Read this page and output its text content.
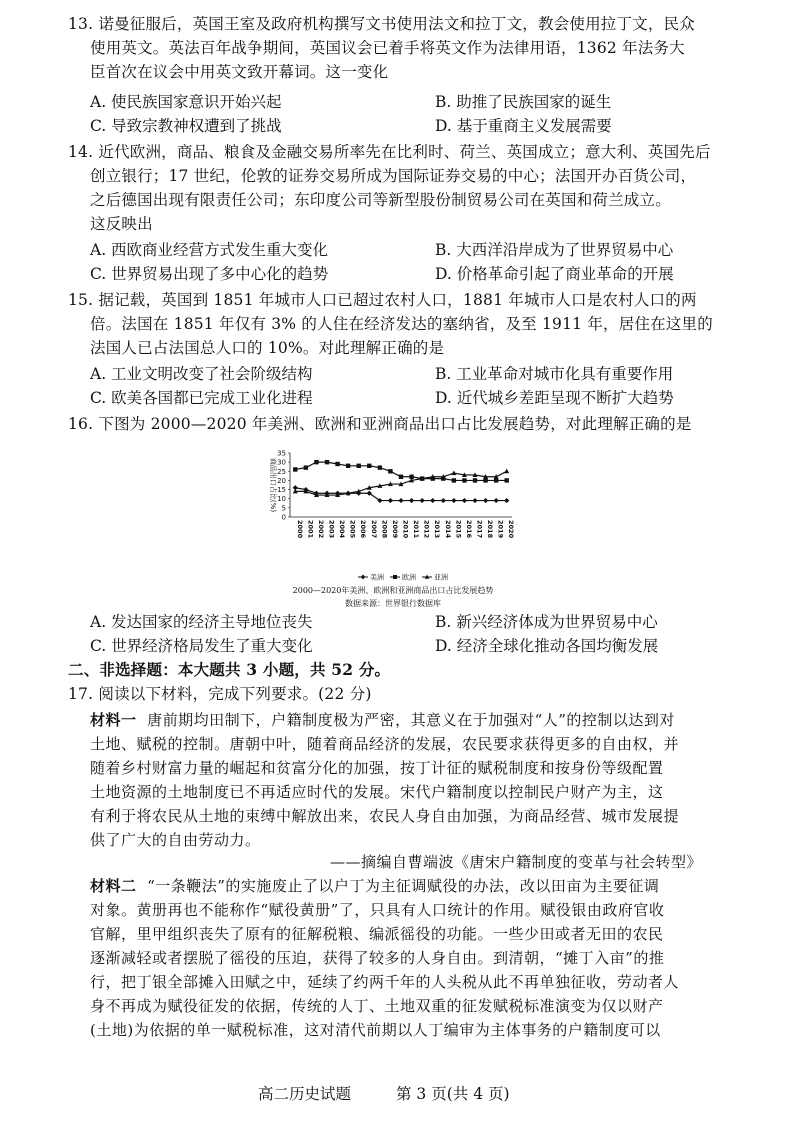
13. 诺曼征服后，英国王室及政府机构撰写文书使用法文和拉丁文，教会使用拉丁文，民众
使用英文。英法百年战争期间，英国议会已着手将英文作为法律用语，1362 年法务大
臣首次在议会中用英文致开幕词。这一变化
A. 使民族国家意识开始兴起	B. 助推了民族国家的诞生
C. 导致宗教神权遭到了挑战	D. 基于重商主义发展需要
14. 近代欧洲，商品、粮食及金融交易所率先在比利时、荷兰、英国成立；意大利、英国先后
创立银行；17 世纪，伦敦的证券交易所成为国际证券交易的中心；法国开办百货公司，
之后德国出现有限责任公司；东印度公司等新型股份制贸易公司在英国和荷兰成立。
这反映出
A. 西欧商业经营方式发生重大变化	B. 大西洋沿岸成为了世界贸易中心
C. 世界贸易出现了多中心化的趋势	D. 价格革命引起了商业革命的开展
15. 据记载，英国到 1851 年城市人口已超过农村人口，1881 年城市人口是农村人口的两
倍。法国在 1851 年仅有 3% 的人住在经济发达的塞纳省，及至 1911 年，居住在这里的
法国人已占法国总人口的 10%。对此理解正确的是
A. 工业文明改变了社会阶级结构	B. 工业革命对城市化具有重要作用
C. 欧美各国都已完成工业化进程	D. 近代城乡差距呈现不断扩大趋势
16. 下图为 2000—2020 年美洲、欧洲和亚洲商品出口占比发展趋势，对此理解正确的是
0
5
10
15
20
25
30
35
商品出口占比(%)
2000 2001 2002 2003 2004 2005 2006 2007 2008 2009 2010 2011 2012 2013 2014 2015 2016 2017 2018 2019 2020
美洲	欧洲	亚洲
2000—2020年美洲、欧洲和亚洲商品出口占比发展趋势
数据来源：世界银行数据库
A. 发达国家的经济主导地位丧失	B. 新兴经济体成为世界贸易中心
C. 世界经济格局发生了重大变化	D. 经济全球化推动各国均衡发展
二、非选择题：本大题共 3 小题，共 52 分。
17. 阅读以下材料，完成下列要求。(22 分)
材料一 唐前期均田制下，户籍制度极为严密，其意义在于加强对“人”的控制以达到对
土地、赋税的控制。唐朝中叶，随着商品经济的发展，农民要求获得更多的自由权，并
随着乡村财富力量的崛起和贫富分化的加强，按丁计征的赋税制度和按身份等级配置
土地资源的土地制度已不再适应时代的发展。宋代户籍制度以控制民户财产为主，这
有利于将农民从土地的束缚中解放出来，农民人身自由加强，为商品经营、城市发展提
供了广大的自由劳动力。
——摘编自曹端波《唐宋户籍制度的变革与社会转型》
材料二 “一条鞭法”的实施废止了以户丁为主征调赋役的办法，改以田亩为主要征调
对象。黄册再也不能称作“赋役黄册”了，只具有人口统计的作用。赋役银由政府官收
官解，里甲组织丧失了原有的征解税粮、编派徭役的功能。一些少田或者无田的农民
逐渐减轻或者摆脱了徭役的压迫，获得了较多的人身自由。到清朝，“摊丁入亩”的推
行，把丁银全部摊入田赋之中，延续了约两千年的人头税从此不再单独征收，劳动者人
身不再成为赋役征发的依据，传统的人丁、土地双重的征发赋税标准演变为仅以财产
(土地)为依据的单一赋税标准，这对清代前期以人丁编审为主体事务的户籍制度可以
高二历史试题	第 3 页(共 4 页)
